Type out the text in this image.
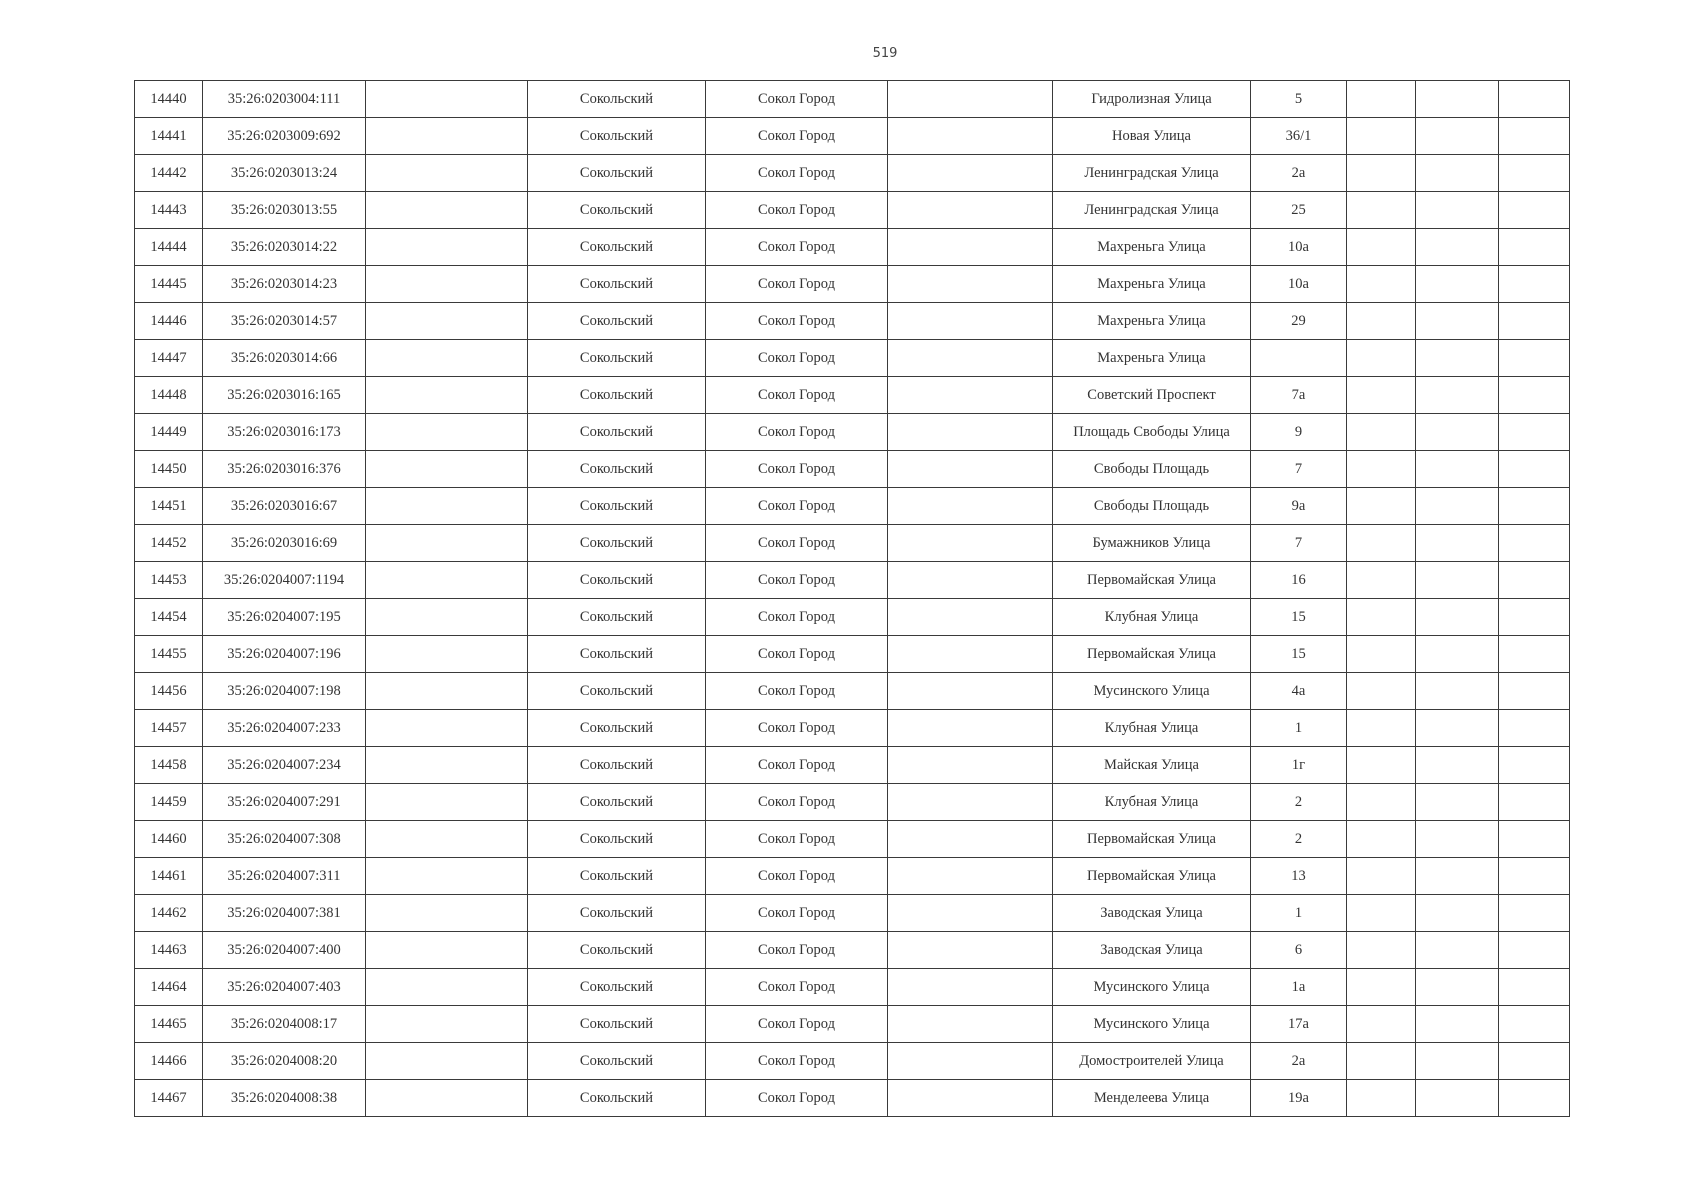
519
14440	35:26:0203004:111		Сокольский	Сокол Город		Гидролизная Улица	5			
14441	35:26:0203009:692		Сокольский	Сокол Город		Новая Улица	36/1			
14442	35:26:0203013:24		Сокольский	Сокол Город		Ленинградская Улица	2а			
14443	35:26:0203013:55		Сокольский	Сокол Город		Ленинградская Улица	25			
14444	35:26:0203014:22		Сокольский	Сокол Город		Махреньга Улица	10а			
14445	35:26:0203014:23		Сокольский	Сокол Город		Махреньга Улица	10а			
14446	35:26:0203014:57		Сокольский	Сокол Город		Махреньга Улица	29			
14447	35:26:0203014:66		Сокольский	Сокол Город		Махреньга Улица				
14448	35:26:0203016:165		Сокольский	Сокол Город		Советский Проспект	7а			
14449	35:26:0203016:173		Сокольский	Сокол Город		Площадь Свободы Улица	9			
14450	35:26:0203016:376		Сокольский	Сокол Город		Свободы Площадь	7			
14451	35:26:0203016:67		Сокольский	Сокол Город		Свободы Площадь	9а			
14452	35:26:0203016:69		Сокольский	Сокол Город		Бумажников Улица	7			
14453	35:26:0204007:1194		Сокольский	Сокол Город		Первомайская Улица	16			
14454	35:26:0204007:195		Сокольский	Сокол Город		Клубная Улица	15			
14455	35:26:0204007:196		Сокольский	Сокол Город		Первомайская Улица	15			
14456	35:26:0204007:198		Сокольский	Сокол Город		Мусинского Улица	4а			
14457	35:26:0204007:233		Сокольский	Сокол Город		Клубная Улица	1			
14458	35:26:0204007:234		Сокольский	Сокол Город		Майская Улица	1г			
14459	35:26:0204007:291		Сокольский	Сокол Город		Клубная Улица	2			
14460	35:26:0204007:308		Сокольский	Сокол Город		Первомайская Улица	2			
14461	35:26:0204007:311		Сокольский	Сокол Город		Первомайская Улица	13			
14462	35:26:0204007:381		Сокольский	Сокол Город		Заводская Улица	1			
14463	35:26:0204007:400		Сокольский	Сокол Город		Заводская Улица	6			
14464	35:26:0204007:403		Сокольский	Сокол Город		Мусинского Улица	1а			
14465	35:26:0204008:17		Сокольский	Сокол Город		Мусинского Улица	17а			
14466	35:26:0204008:20		Сокольский	Сокол Город		Домостроителей Улица	2а			
14467	35:26:0204008:38		Сокольский	Сокол Город		Менделеева Улица	19а			
